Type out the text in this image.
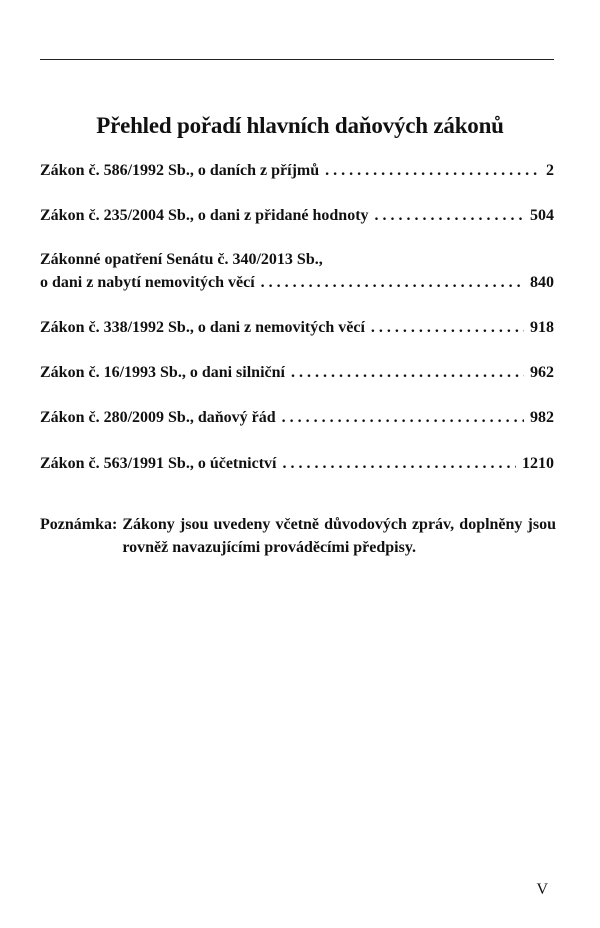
Přehled pořadí hlavních daňových zákonů
Zákon č. 586/1992 Sb., o daních z příjmů . . .	2
Zákon č. 235/2004 Sb., o dani z přidané hodnoty . . .	504
Zákonné opatření Senátu č. 340/2013 Sb.,
o dani z nabytí nemovitých věcí . . .	840
Zákon č. 338/1992 Sb., o dani z nemovitých věcí . . .	918
Zákon č. 16/1993 Sb., o dani silniční . . .	962
Zákon č. 280/2009 Sb., daňový řád . . .	982
Zákon č. 563/1991 Sb., o účetnictví . . .	1210
Poznámka: Zákony jsou uvedeny včetně důvodových zpráv, doplněny jsou rovněž navazujícími prováděcími předpisy.
V
